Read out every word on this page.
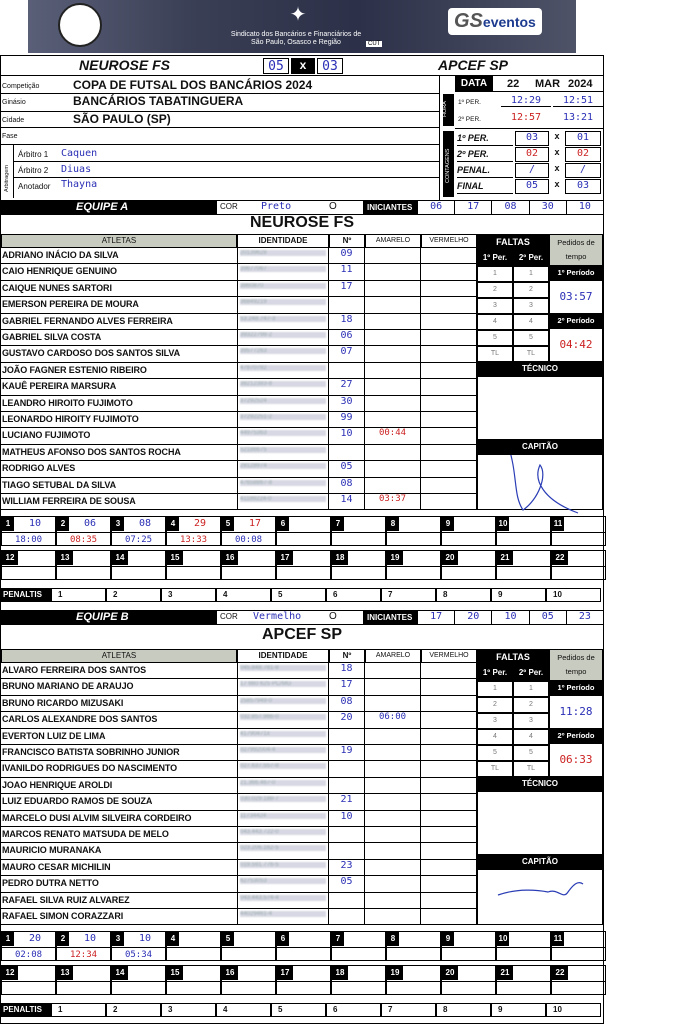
✦
Sindicato dos Bancários e Financiários de São Paulo, Osasco e Região	CUT
GS eventos
NEUROSE FS	05	x	03	APCEF SP
Competição	COPA DE FUTSAL DOS BANCÁRIOS 2024
Ginásio	BANCÁRIOS TABATINGUERA
Cidade	SÃO PAULO (SP)
Fase
Arbitragem
Árbitro 1 Caquen
Árbitro 2 Diuas
Anotador Thayna
DATA	22 MAR 2024
HORA 1º PER.	12:29	12:51
2º PER.	12:57	13:21
CONTAGENS
1º PER.	03	x	01
2º PER.	02	x	02
PENAL.	/	x	/
FINAL	05	x	03
EQUIPE A	COR Preto	O	INICIANTES	06	17	08	30	10
NEUROSE FS
ATLETAS	IDENTIDADE	Nº	AMARELO	VERMELHO	FALTAS
1º Per.	2º Per.
Pedidos de tempo
ADRIANO INÁCIO DA SILVA	20139628	09
CAIO HENRIQUE GENUINO	39677067	11
CAIQUE NUNES SARTORI	3860870	17
EMERSON PEREIRA DE MOURA	36849219
GABRIEL FERNANDO ALVES FERREIRA	53.248.747-3	18
GABRIEL SILVA COSTA	39322798-2	06
GUSTAVO CARDOSO DOS SANTOS SILVA	39577263	07
JOÃO FAGNER ESTENIO RIBEIRO	47870782
KAUÊ PEREIRA MARSURA	38212383-8	27
LEANDRO HIROITO FUJIMOTO	37292524	30
LEONARDO HIROITY FUJIMOTO	37292251-2	99
LUCIANO FUJIMOTO	44975363	10	00:44
MATHEUS AFONSO DOS SANTOS ROCHA	52186675
RODRIGO ALVES	28128974	05
TIAGO SETUBAL DA SILVA	47658867-8	08
WILLIAM FERREIRA DE SOUSA	41189224-0	14	03:37
1	1
2	2
3	3
4	4
5	5
TL	TL
1º Período
03:57
2º Período
04:42
TÉCNICO
CAPITÃO
1	10
18:00
2	06
08:35
3	08
07:25
4	29
13:33
5	17
00:08
6	7	8	9	10	11
12	13	14	15	16	17	18	19	20	21	22
PENALTIS	1	2	3	4	5	6	7	8	9	10
EQUIPE B	COR Vermelho	O	INICIANTES	17	20	10	05	23
APCEF SP
ATLETAS	IDENTIDADE	Nº	AMARELO	VERMELHO	FALTAS
1º Per.	2º Per.
Pedidos de tempo
ALVARO FERREIRA DOS SANTOS	045.848.781-8	18
BRUNO MARIANO DE ARAUJO	17 660 625 PC/MG	17
BRUNO RICARDO MIZUSAKI	25857949-0	08
CARLOS ALEXANDRE DOS SANTOS	032.857.966-0	20	06:00
EVERTON LUIZ DE LIMA	41790471x
FRANCISCO BATISTA SOBRINHO JUNIOR	027992004-4	19
IVANILDO RODRIGUES DO NASCIMENTO	027.637.557-8
JOAO HENRIQUE AROLDI	21.366.467-0
LUIZ EDUARDO RAMOS DE SOUZA	030.029.188-7	21
MARCELO DUSI ALVIM SILVEIRA CORDEIRO	11734424	10
MARCOS RENATO MATSUDA DE MELO	043.443.722-0
MAURICIO MURANAKA	023.206.162-5
MAURO CESAR MICHILIN	019.591.776-5	23
PEDRO DUTRA NETTO	62753053	05
RAFAEL SILVA RUIZ ALVAREZ	043.443.574-4
RAFAEL SIMON CORAZZARI	44029461-4
1	1
2	2
3	3
4	4
5	5
TL	TL
1º Período
11:28
2º Período
06:33
TÉCNICO
CAPITÃO
1	20
02:08
2	10
12:34
3	10
05:34
4	5	6	7	8	9	10	11
12	13	14	15	16	17	18	19	20	21	22
PENALTIS	1	2	3	4	5	6	7	8	9	10
